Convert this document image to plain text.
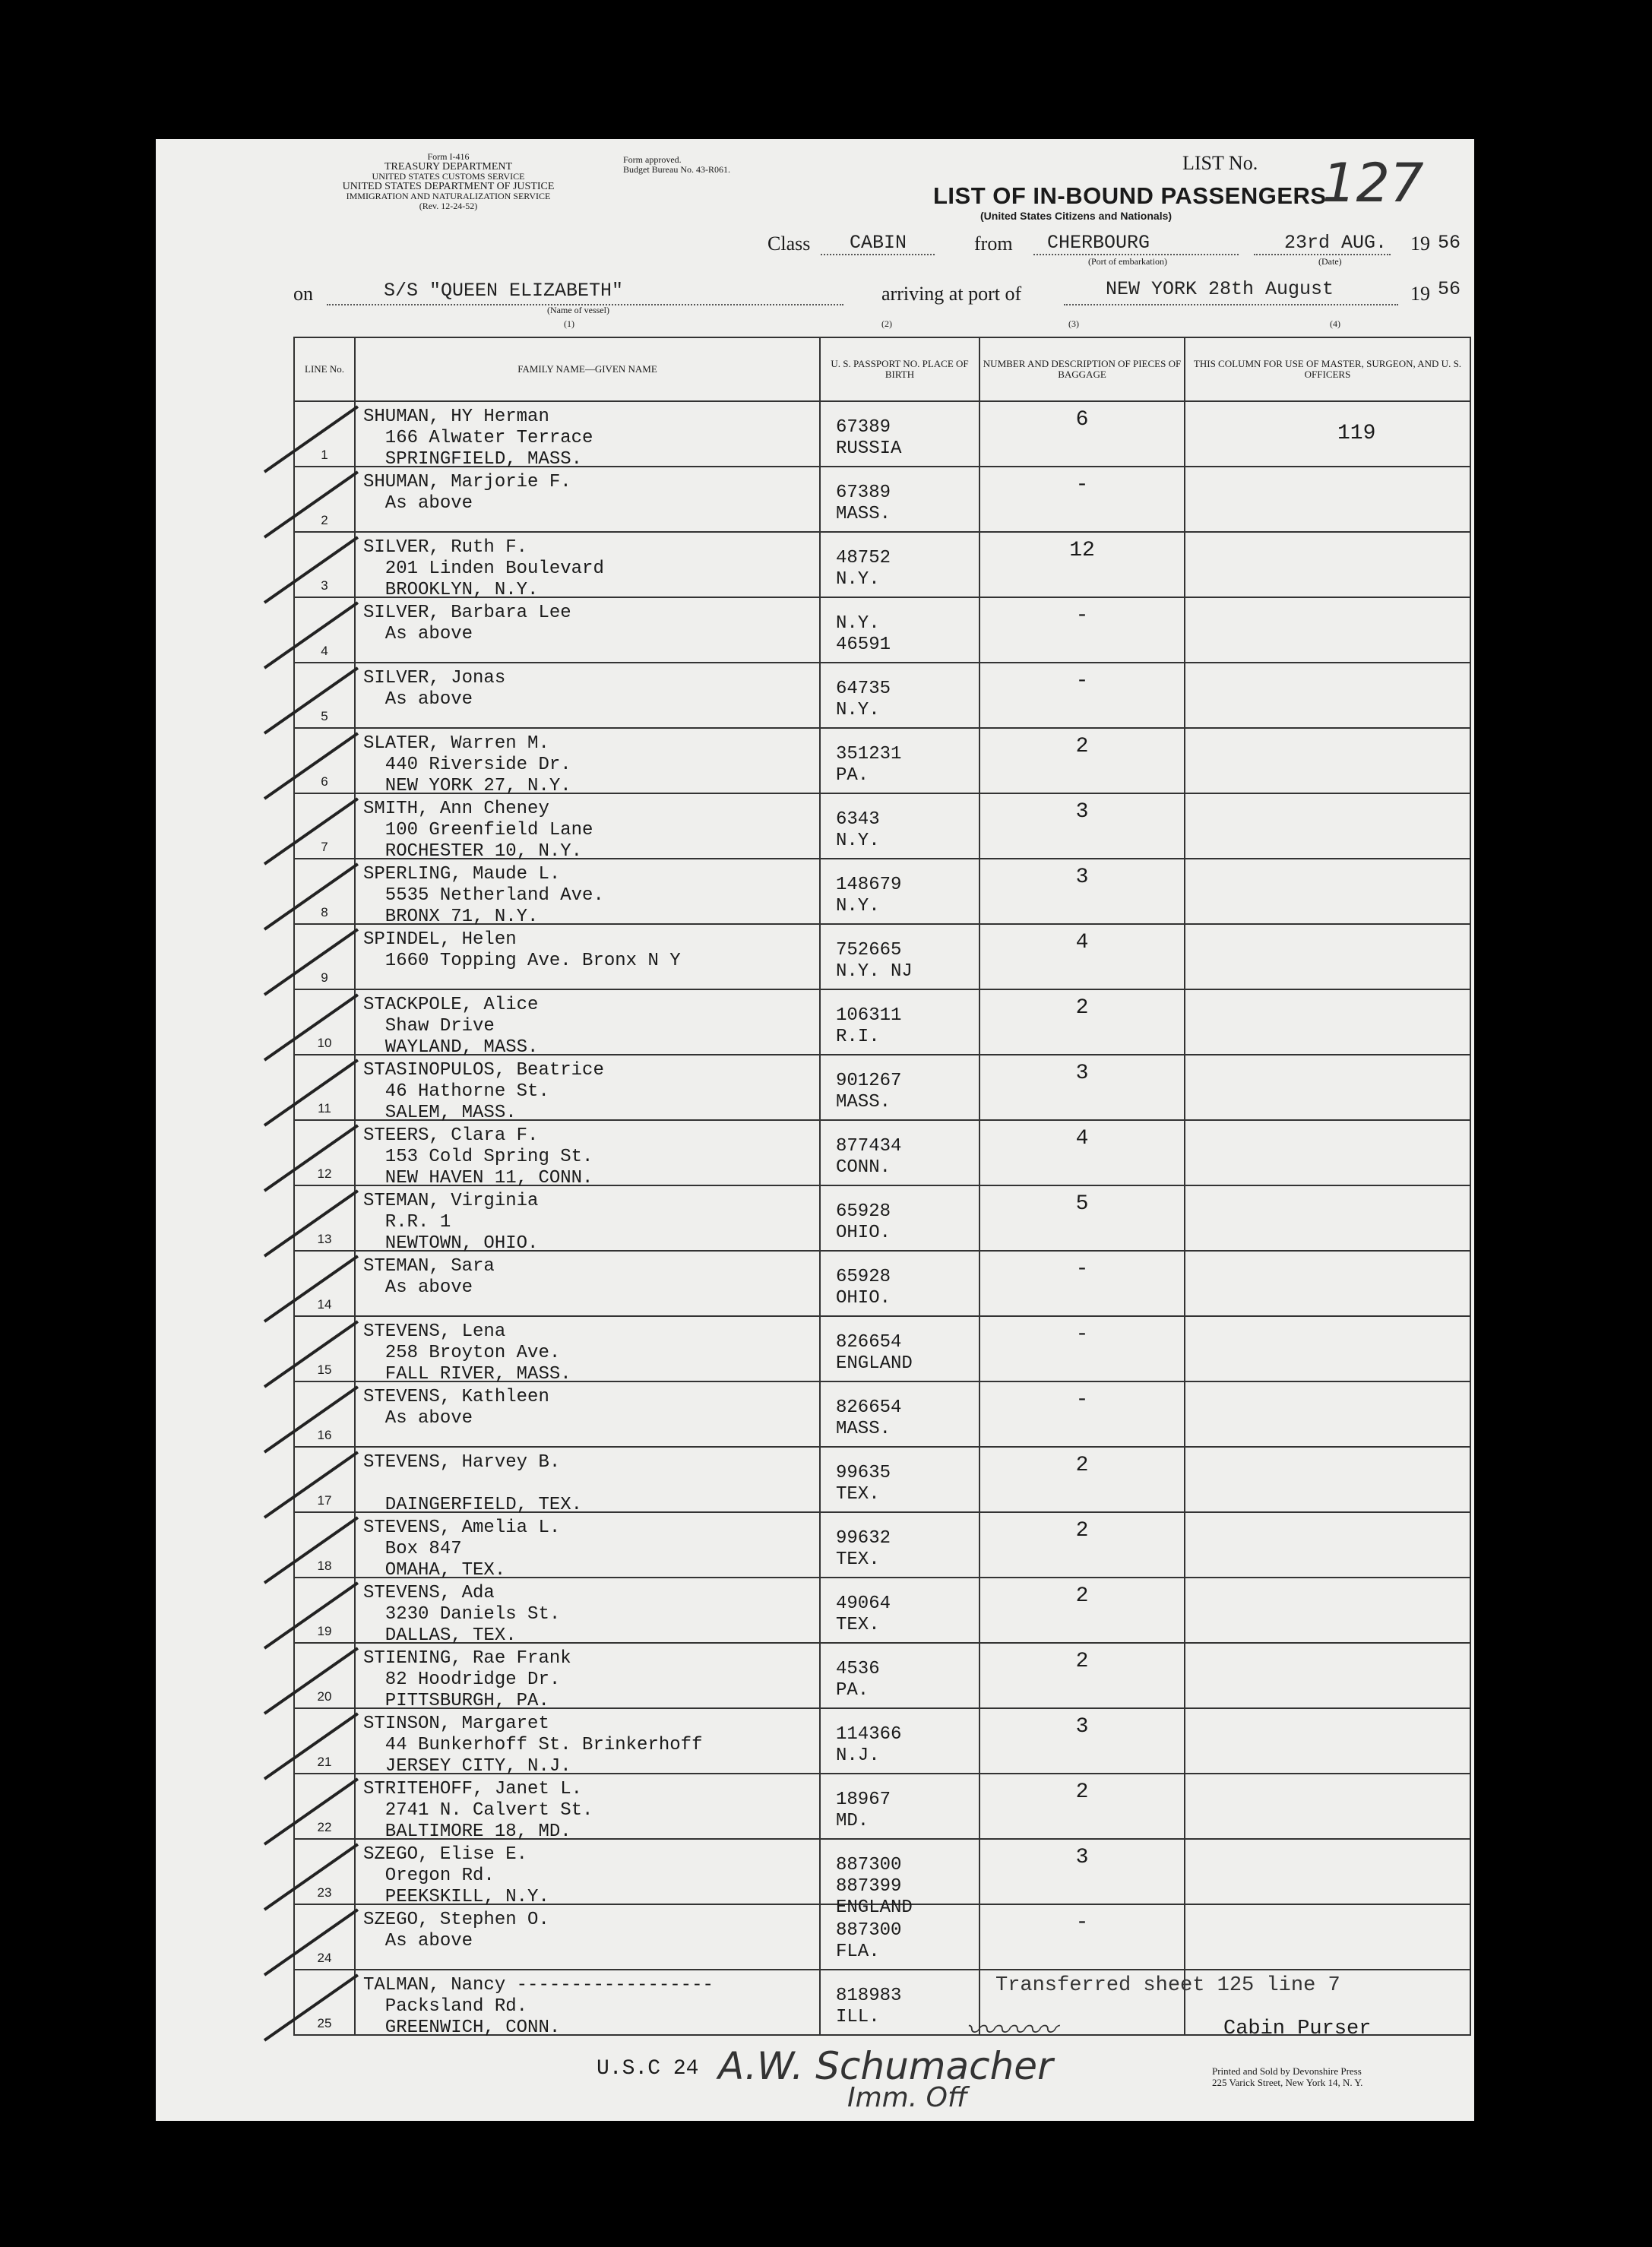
Form I-416
TREASURY DEPARTMENT
UNITED STATES CUSTOMS SERVICE
UNITED STATES DEPARTMENT OF JUSTICE
IMMIGRATION AND NATURALIZATION SERVICE
(Rev. 12-24-52)
Form approved.
Budget Bureau No. 43-R061.	LIST No. 127
LIST OF IN-BOUND PASSENGERS
(United States Citizens and Nationals)
Class CABIN	from CHERBOURG
(Port of embarkation)
23rd AUG.
(Date)
19 56
on	S/S "QUEEN ELIZABETH"
(Name of vessel)
(1)
arriving at port of	NEW YORK 28th August	19 56
(2)	(3)	(4)
LINE No.	FAMILY NAME—GIVEN NAME	U. S. PASSPORT NO. PLACE OF BIRTH	NUMBER AND DESCRIPTION OF PIECES OF BAGGAGE	THIS COLUMN FOR USE OF MASTER, SURGEON, AND U. S. OFFICERS

1	SHUMAN, HY Herman
166 Alwater Terrace
SPRINGFIELD, MASS.	67389
RUSSIA	6	119

2	SHUMAN, Marjorie F.
As above	67389
MASS.	-	

3	SILVER, Ruth F.
201 Linden Boulevard
BROOKLYN, N.Y.	48752
N.Y.	12	

4	SILVER, Barbara Lee
As above	N.Y.
46591	-	

5	SILVER, Jonas
As above	64735
N.Y.	-	

6	SLATER, Warren M.
440 Riverside Dr.
NEW YORK 27, N.Y.	351231
PA.	2	

7	SMITH, Ann Cheney
100 Greenfield Lane
ROCHESTER 10, N.Y.	6343
N.Y.	3	

8	SPERLING, Maude L.
5535 Netherland Ave.
BRONX 71, N.Y.	148679
N.Y.	3	

9	SPINDEL, Helen
1660 Topping Ave. Bronx N Y	752665
N.Y. NJ	4	

10	STACKPOLE, Alice
Shaw Drive
WAYLAND, MASS.	106311
R.I.	2	

11	STASINOPULOS, Beatrice
46 Hathorne St.
SALEM, MASS.	901267
MASS.	3	

12	STEERS, Clara F.
153 Cold Spring St.
NEW HAVEN 11, CONN.	877434
CONN.	4	

13	STEMAN, Virginia
R.R. 1
NEWTOWN, OHIO.	65928
OHIO.	5	

14	STEMAN, Sara
As above	65928
OHIO.	-	

15	STEVENS, Lena
258 Broyton Ave.
FALL RIVER, MASS.	826654
ENGLAND	-	

16	STEVENS, Kathleen
As above	826654
MASS.	-	

17	STEVENS, Harvey B.

DAINGERFIELD, TEX.	99635
TEX.	2	

18	STEVENS, Amelia L.
Box 847
OMAHA, TEX.	99632
TEX.	2	

19	STEVENS, Ada
3230 Daniels St.
DALLAS, TEX.	49064
TEX.	2	

20	STIENING, Rae Frank
82 Hoodridge Dr.
PITTSBURGH, PA.	4536
PA.	2	

21	STINSON, Margaret
44 Bunkerhoff St. Brinkerhoff
JERSEY CITY, N.J.	114366
N.J.	3	

22	STRITEHOFF, Janet L.
2741 N. Calvert St.
BALTIMORE 18, MD.	18967
MD.	2	

23	SZEGO, Elise E.
Oregon Rd.
PEEKSKILL, N.Y.	887300
887399
ENGLAND	3	

24	SZEGO, Stephen O.
As above	887300
FLA.	-	

25	TALMAN, Nancy ------------------
Packsland Rd.
GREENWICH, CONN.	818983
ILL.		

Transferred sheet 125 line 7
〰〰〰	Cabin Purser
U.S.C 24 A.W. Schumacher
Imm. Off
Printed and Sold by Devonshire Press
225 Varick Street, New York 14, N. Y.
